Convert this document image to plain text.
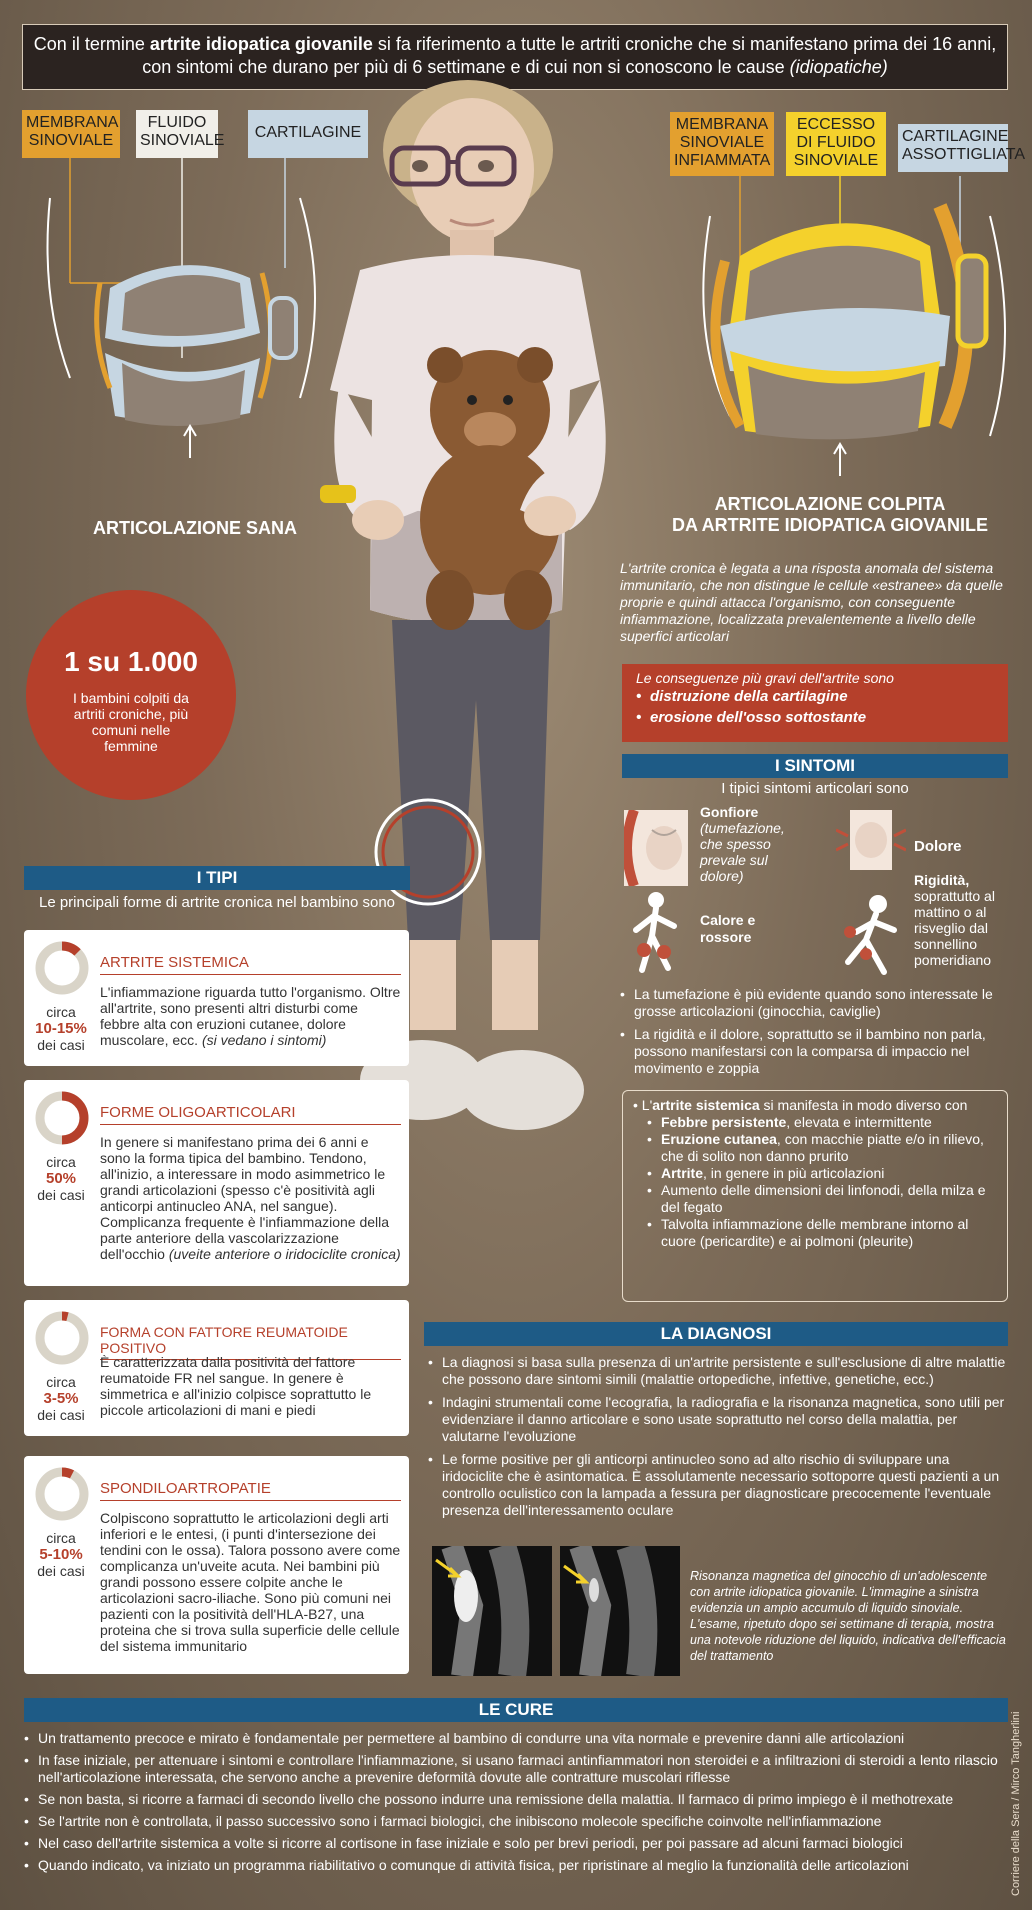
Con il termine artrite idiopatica giovanile si fa riferimento a tutte le artriti croniche che si manifestano prima dei 16 anni, con sintomi che durano per più di 6 settimane e di cui non si conoscono le cause (idiopatiche)
MEMBRANA SINOVIALE
FLUIDO SINOVIALE	CARTILAGINE
ARTICOLAZIONE SANA
MEMBRANA SINOVIALE INFIAMMATA
ECCESSO DI FLUIDO SINOVIALE
CARTILAGINE ASSOTTIGLIATA
ARTICOLAZIONE COLPITA
DA ARTRITE IDIOPATICA GIOVANILE
L'artrite cronica è legata a una risposta anomala del sistema immunitario, che non distingue le cellule «estranee» da quelle proprie e quindi attacca l'organismo, con conseguente infiammazione, localizzata prevalentemente a livello delle superfici articolari
Le conseguenze più gravi dell'artrite sono
• distruzione della cartilagine
• erosione dell'osso sottostante
1 su 1.000
I bambini colpiti da artriti croniche, più comuni nelle femmine
I TIPI
Le principali forme di artrite cronica nel bambino sono
circa
10-15%
dei casi
ARTRITE SISTEMICA
L'infiammazione riguarda tutto l'organismo. Oltre all'artrite, sono presenti altri disturbi come febbre alta con eruzioni cutanee, dolore muscolare, ecc. (si vedano i sintomi)
circa
50%
dei casi
FORME OLIGOARTICOLARI
In genere si manifestano prima dei 6 anni e sono la forma tipica del bambino. Tendono, all'inizio, a interessare in modo asimmetrico le grandi articolazioni (spesso c'è positività agli anticorpi antinucleo ANA, nel sangue). Complicanza frequente è l'infiammazione della parte anteriore della vascolarizzazione dell'occhio (uveite anteriore o iridociclite cronica)
circa
3-5%
dei casi
FORMA CON FATTORE REUMATOIDE POSITIVO
È caratterizzata dalla positività del fattore reumatoide FR nel sangue. In genere è simmetrica e all'inizio colpisce soprattutto le piccole articolazioni di mani e piedi
circa
5-10%
dei casi
SPONDILOARTROPATIE
Colpiscono soprattutto le articolazioni degli arti inferiori e le entesi, (i punti d'intersezione dei tendini con le ossa). Talora possono avere come complicanza un'uveite acuta. Nei bambini più grandi possono essere colpite anche le articolazioni sacro-iliache. Sono più comuni nei pazienti con la positività dell'HLA-B27, una proteina che si trova sulla superficie delle cellule del sistema immunitario
I SINTOMI
I tipici sintomi articolari sono
Gonfiore
(tumefazione, che spesso prevale sul dolore)
Dolore
Calore e rossore
Rigidità,
soprattutto al mattino o al risveglio dal sonnellino pomeridiano
• La tumefazione è più evidente quando sono interessate le grosse articolazioni (ginocchia, caviglie)
• La rigidità e il dolore, soprattutto se il bambino non parla, possono manifestarsi con la comparsa di impaccio nel movimento e zoppia
• L'artrite sistemica si manifesta in modo diverso con
• Febbre persistente, elevata e intermittente
• Eruzione cutanea, con macchie piatte e/o in rilievo, che di solito non danno prurito
• Artrite, in genere in più articolazioni
• Aumento delle dimensioni dei linfonodi, della milza e del fegato
• Talvolta infiammazione delle membrane intorno al cuore (pericardite) e ai polmoni (pleurite)
LA DIAGNOSI
• La diagnosi si basa sulla presenza di un'artrite persistente e sull'esclusione di altre malattie che possono dare sintomi simili (malattie ortopediche, infettive, genetiche, ecc.)
• Indagini strumentali come l'ecografia, la radiografia e la risonanza magnetica, sono utili per evidenziare il danno articolare e sono usate soprattutto nel corso della malattia, per valutarne l'evoluzione
• Le forme positive per gli anticorpi antinucleo sono ad alto rischio di sviluppare una iridociclite che è asintomatica. È assolutamente necessario sottoporre questi pazienti a un controllo oculistico con la lampada a fessura per diagnosticare precocemente l'eventuale presenza dell'interessamento oculare
Risonanza magnetica del ginocchio di un'adolescente con artrite idiopatica giovanile. L'immagine a sinistra evidenzia un ampio accumulo di liquido sinoviale. L'esame, ripetuto dopo sei settimane di terapia, mostra una notevole riduzione del liquido, indicativa dell'efficacia del trattamento
LE CURE
• Un trattamento precoce e mirato è fondamentale per permettere al bambino di condurre una vita normale e prevenire danni alle articolazioni
• In fase iniziale, per attenuare i sintomi e controllare l'infiammazione, si usano farmaci antinfiammatori non steroidei e a infiltrazioni di steroidi a lento rilascio nell'articolazione interessata, che servono anche a prevenire deformità dovute alle contratture muscolari riflesse
• Se non basta, si ricorre a farmaci di secondo livello che possono indurre una remissione della malattia. Il farmaco di primo impiego è il methotrexate
• Se l'artrite non è controllata, il passo successivo sono i farmaci biologici, che inibiscono molecole specifiche coinvolte nell'infiammazione
• Nel caso dell'artrite sistemica a volte si ricorre al cortisone in fase iniziale e solo per brevi periodi, per poi passare ad alcuni farmaci biologici
• Quando indicato, va iniziato un programma riabilitativo o comunque di attività fisica, per ripristinare al meglio la funzionalità delle articolazioni	Corriere della Sera / Mirco Tangherlini
